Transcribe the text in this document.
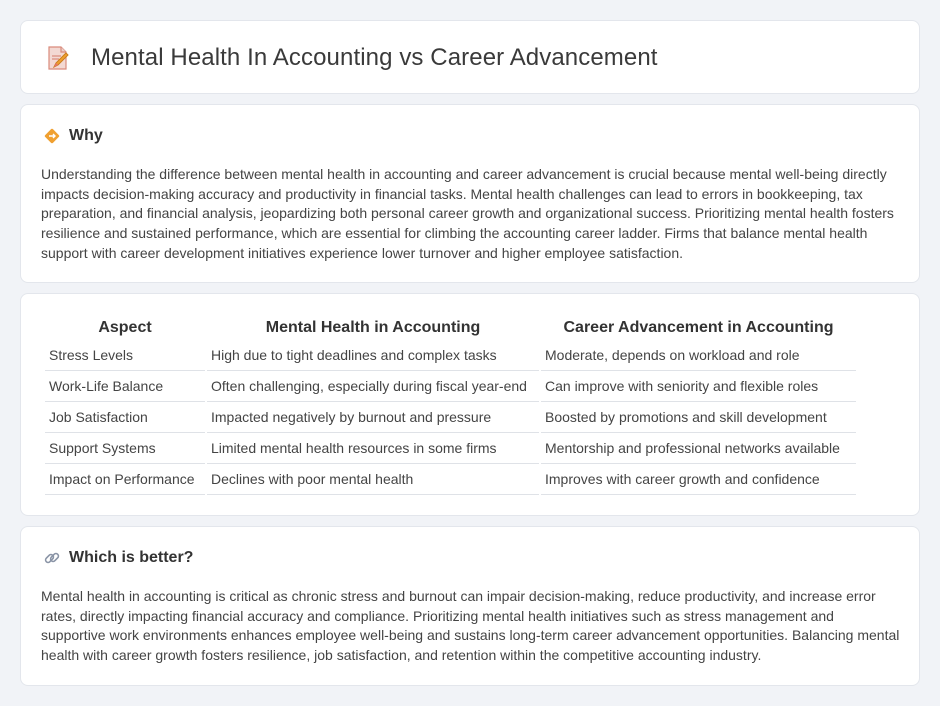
Mental Health In Accounting vs Career Advancement
Why

Understanding the difference between mental health in accounting and career advancement is crucial because mental well-being directly impacts decision-making accuracy and productivity in financial tasks. Mental health challenges can lead to errors in bookkeeping, tax preparation, and financial analysis, jeopardizing both personal career growth and organizational success. Prioritizing mental health fosters resilience and sustained performance, which are essential for climbing the accounting career ladder. Firms that balance mental health support with career development initiatives experience lower turnover and higher employee satisfaction.

Aspect	Mental Health in Accounting	Career Advancement in Accounting
Stress Levels	High due to tight deadlines and complex tasks	Moderate, depends on workload and role
Work-Life Balance	Often challenging, especially during fiscal year-end	Can improve with seniority and flexible roles
Job Satisfaction	Impacted negatively by burnout and pressure	Boosted by promotions and skill development
Support Systems	Limited mental health resources in some firms	Mentorship and professional networks available
Impact on Performance	Declines with poor mental health	Improves with career growth and confidence
Which is better?

Mental health in accounting is critical as chronic stress and burnout can impair decision-making, reduce productivity, and increase error rates, directly impacting financial accuracy and compliance. Prioritizing mental health initiatives such as stress management and supportive work environments enhances employee well-being and sustains long-term career advancement opportunities. Balancing mental health with career growth fosters resilience, job satisfaction, and retention within the competitive accounting industry.
